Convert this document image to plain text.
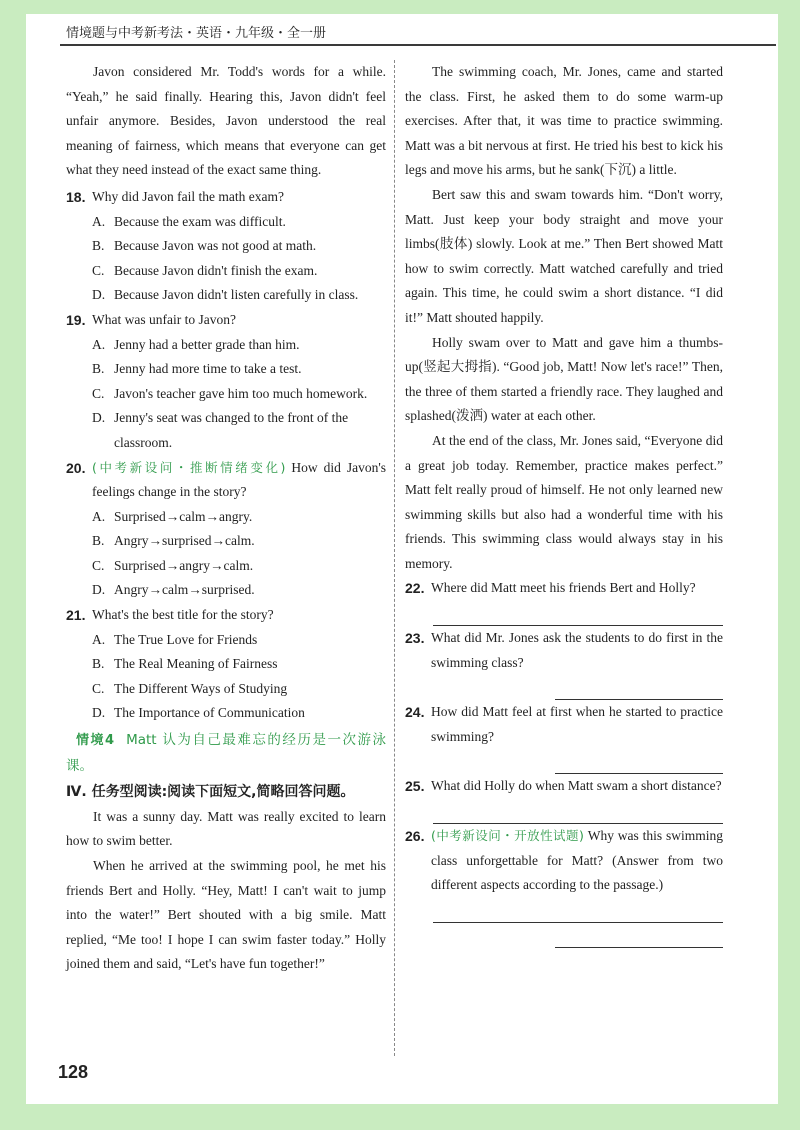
情境题与中考新考法・英语・九年级・全一册

Javon considered Mr. Todd's words for a while. “Yeah,” he said finally. Hearing this, Javon didn't feel unfair anymore. Besides, Javon understood the real meaning of fairness, which means that everyone can get what they need instead of the exact same thing.

18. Why did Javon fail the math exam?
A. Because the exam was difficult.
B. Because Javon was not good at math.
C. Because Javon didn't finish the exam.
D. Because Javon didn't listen carefully in class.
19. What was unfair to Javon?
A. Jenny had a better grade than him.
B. Jenny had more time to take a test.
C. Javon's teacher gave him too much homework.
D. Jenny's seat was changed to the front of the classroom.
20. (中考新设问・推断情绪变化) How did Javon's feelings change in the story?
A. Surprised→calm→angry.
B. Angry→surprised→calm.
C. Surprised→angry→calm.
D. Angry→calm→surprised.
21. What's the best title for the story?
A. The True Love for Friends
B. The Real Meaning of Fairness
C. The Different Ways of Studying
D. The Importance of Communication

情境4 Matt 认为自己最难忘的经历是一次游泳课。

Ⅳ. 任务型阅读:阅读下面短文,简略回答问题。

It was a sunny day. Matt was really excited to learn how to swim better.

When he arrived at the swimming pool, he met his friends Bert and Holly. “Hey, Matt! I can't wait to jump into the water!” Bert shouted with a big smile. Matt replied, “Me too! I hope I can swim faster today.” Holly joined them and said, “Let's have fun together!”

The swimming coach, Mr. Jones, came and started the class. First, he asked them to do some warm-up exercises. After that, it was time to practice swimming. Matt was a bit nervous at first. He tried his best to kick his legs and move his arms, but he sank(下沉) a little.

Bert saw this and swam towards him. “Don't worry, Matt. Just keep your body straight and move your limbs(肢体) slowly. Look at me.” Then Bert showed Matt how to swim correctly. Matt watched carefully and tried again. This time, he could swim a short distance. “I did it!” Matt shouted happily.

Holly swam over to Matt and gave him a thumbs-up(竖起大拇指). “Good job, Matt! Now let's race!” Then, the three of them started a friendly race. They laughed and splashed(泼洒) water at each other.

At the end of the class, Mr. Jones said, “Everyone did a great job today. Remember, practice makes perfect.” Matt felt really proud of himself. He not only learned new swimming skills but also had a wonderful time with his friends. This swimming class would always stay in his memory.

22. Where did Matt meet his friends Bert and Holly?
23. What did Mr. Jones ask the students to do first in the swimming class?
24. How did Matt feel at first when he started to practice swimming?
25. What did Holly do when Matt swam a short distance?
26. (中考新设问・开放性试题) Why was this swimming class unforgettable for Matt? (Answer from two different aspects according to the passage.)
128
